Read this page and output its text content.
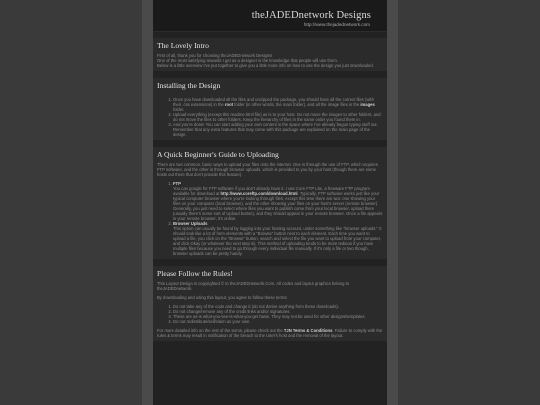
theJADEDnetwork Designs
http://www.thejadednetwork.com
The Lovely Intro
First of all, thank you for choosing theJADEDnetwork Designs!
One of the most satisfying rewards I get as a designer is the knowledge that people will use them.
Below is a little overview I've put together to give you a little more info on how to use the design you just downloaded.
Installing the Design
1. Once you have downloaded all the files and unzipped the package, you should have all the correct files (with their .css extensions) in the root folder (in other words, the main folder), and all the image files in the images folder.
2. Upload everything (except this readme.html file) as is to your host. Do not move the images to other folders, and do not move the files to other folders. Keep the hierarchy of files in the same order you found them in.
3. And you're done! You can start adding your own content in the space where I've already begun typing stuff out. Remember that any extra features that may come with this package are explained on the main page of the design.
A Quick Beginner's Guide to Uploading
There are two common, basic ways to upload your files onto the internet. One is through the use of FTP, which requires FTP software, and the other is through browser uploads, which is provided to you by your host (though there are some hosts out there that don't provide this feature).
1. FTP
You can google for FTP software if you don't already have it. I use Core FTP Lite, a freeware FTP program available for download at http://www.coreftp.com/download.html. Typically, FTP software works just like your typical computer browser where you're looking through files, except this time there are two: one showing your files on your computer (local browser), and the other showing your files on your host's server (remote browser). Generally, you just need to select where files you want to publish come from your local browser, upload them (usually there's some sort of Upload button), and they should appear in your remote browser. Once a file appears in your remote browser, it's online.
2. Browser Uploads
This option can usually be found by logging into your hosting account, under something like "browser uploads." It should look like a lot of form elements with a "Browse" button next to each element. Each time you want to upload a file, you click on the "Browse" button, search and select the file you want to upload from your computer, and click Okay (or whatever the next step is). This method of uploading tends to be more tedious if you have multiple files because you need to go through every individual file manually. If it's only a file or two though, browser uploads can be pretty handy.
Please Follow the Rules!
This Layout Design is copyrighted © to theJADEDnetwork.Com. All codes and layout graphics belong to theJADEDnetwork.
By downloading and using this layout, you agree to follow these terms:
1. Do not take any of the code and change it (do not derive anything from these downloads).
2. Do not change/remove any of the credit links and/or signatures.
3. These are as-is what-you-see-is-what-you-get basis. They may not be used for other designs/templates.
4. Do not redistribute/sell/claim as your own.
For more detailed info on the rest of the terms, please check out the TJN Terms & Conditions. Failure to comply with the rules & terms may result in notification of the breach to the User's host and the removal of the layout.
